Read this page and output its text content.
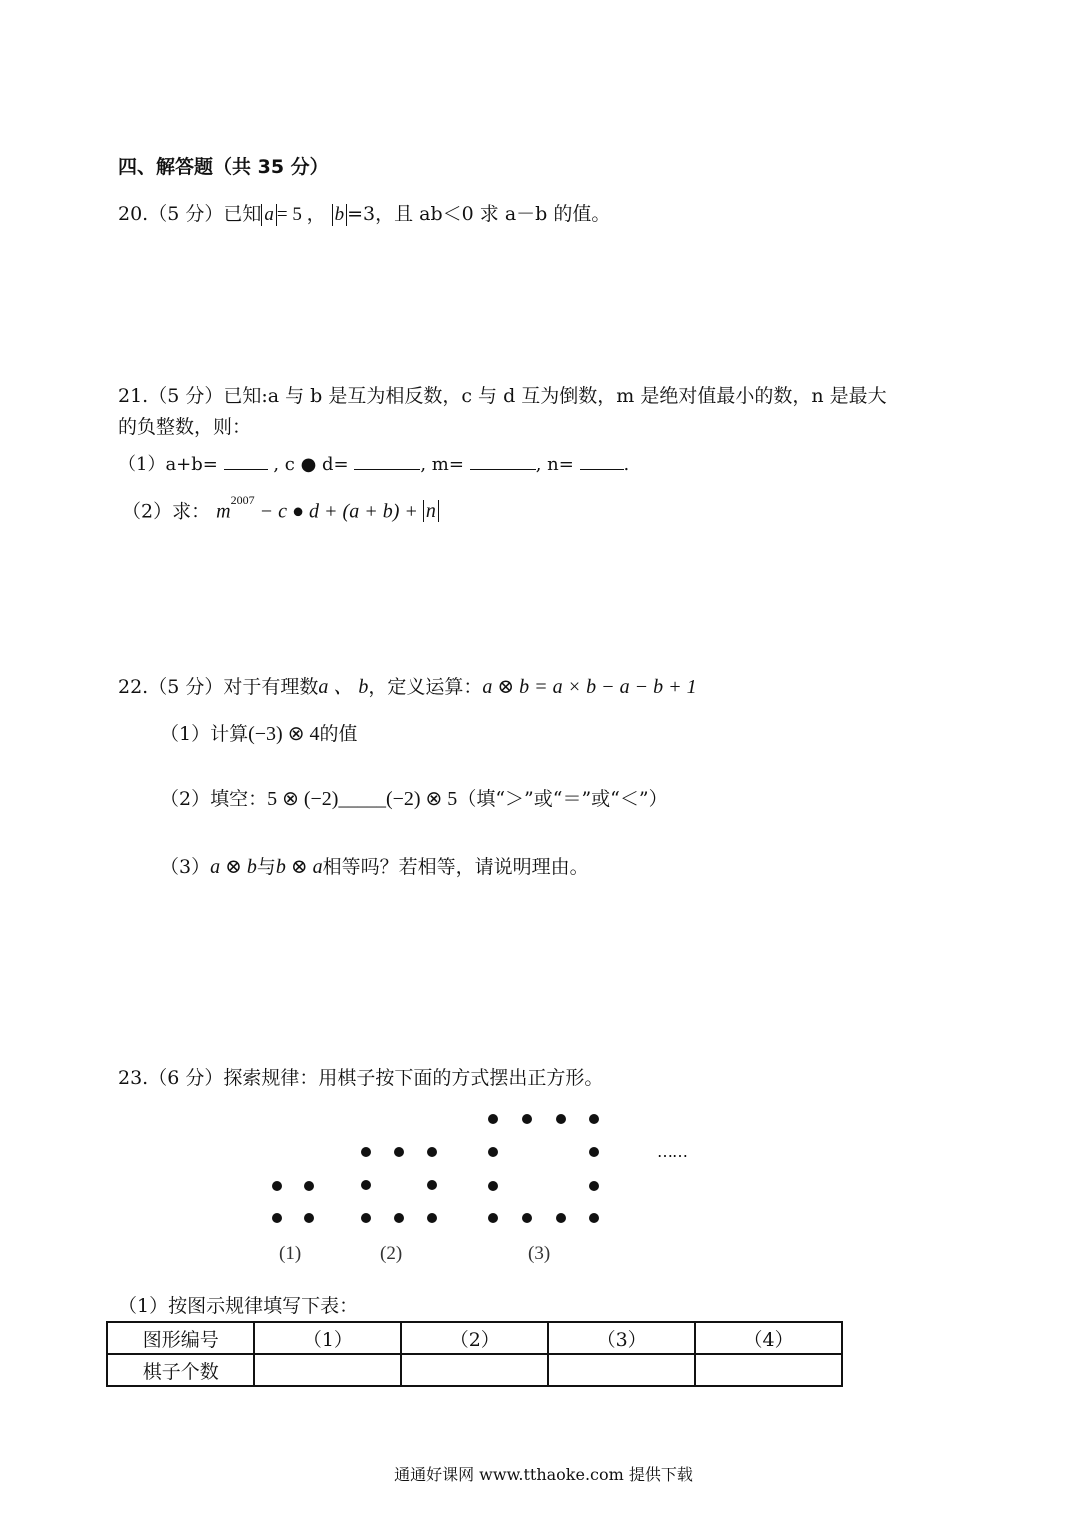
四、解答题（共 35 分）
20.（5 分）已知 a = 5 ， b =3，且 ab＜0 求 a－b 的值。
21.（5 分）已知:a 与 b 是互为相反数，c 与 d 互为倒数，m 是绝对值最小的数，n 是最大
的负整数，则：
（1）a+b=	, c ● d=	, m=	, n=	.
（2）求： $m^{2007} - c$ ● d + (a + b) + n
22.（5 分）对于有理数a 、 b，定义运算：a ⊗ b = a × b − a − b + 1
（1）计算(−3) ⊗ 4的值
（2）填空：5 ⊗ (−2)_____(−2) ⊗ 5（填“＞”或“＝”或“＜”）
（3）a ⊗ b与b ⊗ a相等吗？若相等，请说明理由。
23.（6 分）探索规律：用棋子按下面的方式摆出正方形。
……
(1)	(2)	(3)
（1）按图示规律填写下表：
图形编号	（1）	（2）	（3）	（4）
棋子个数				
通通好课网 www.tthaoke.com 提供下载
